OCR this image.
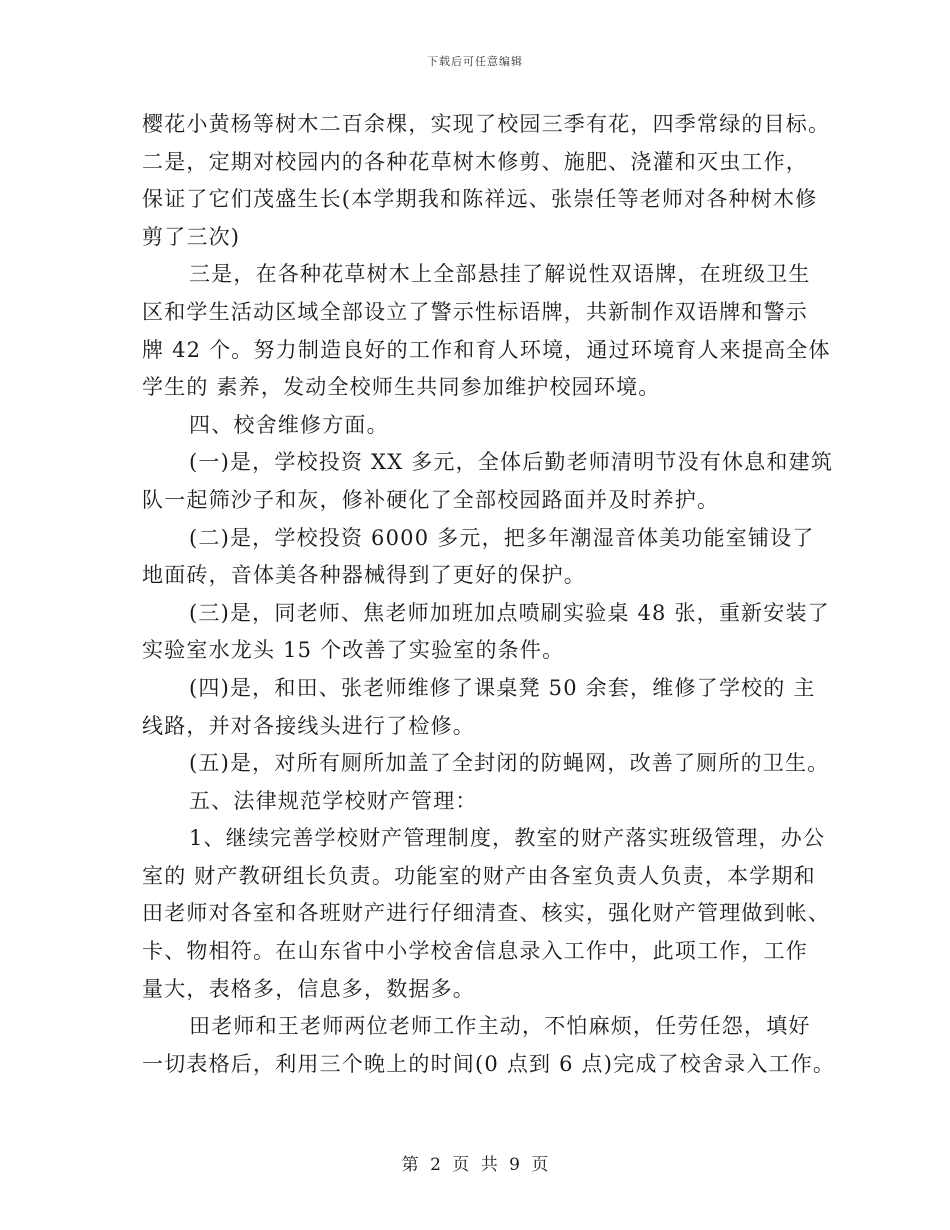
下载后可任意编辑

樱花小黄杨等树木二百余棵，实现了校园三季有花，四季常绿的目标。

二是，定期对校园内的各种花草树木修剪、施肥、浇灌和灭虫工作，

保证了它们茂盛生长(本学期我和陈祥远、张崇任等老师对各种树木修

剪了三次)

三是，在各种花草树木上全部悬挂了解说性双语牌，在班级卫生

区和学生活动区域全部设立了警示性标语牌，共新制作双语牌和警示

牌 42 个。努力制造良好的工作和育人环境，通过环境育人来提高全体

学生的 素养，发动全校师生共同参加维护校园环境。

四、校舍维修方面。

(一)是，学校投资 XX 多元，全体后勤老师清明节没有休息和建筑

队一起筛沙子和灰，修补硬化了全部校园路面并及时养护。

(二)是，学校投资 6000 多元，把多年潮湿音体美功能室铺设了

地面砖，音体美各种器械得到了更好的保护。

(三)是，同老师、焦老师加班加点喷刷实验桌 48 张，重新安装了

实验室水龙头 15 个改善了实验室的条件。

(四)是，和田、张老师维修了课桌凳 50 余套，维修了学校的 主

线路，并对各接线头进行了检修。

(五)是，对所有厕所加盖了全封闭的防蝇网，改善了厕所的卫生。

五、法律规范学校财产管理：

1、继续完善学校财产管理制度，教室的财产落实班级管理，办公

室的 财产教研组长负责。功能室的财产由各室负责人负责，本学期和

田老师对各室和各班财产进行仔细清查、核实，强化财产管理做到帐、

卡、物相符。在山东省中小学校舍信息录入工作中，此项工作，工作

量大，表格多，信息多，数据多。

田老师和王老师两位老师工作主动，不怕麻烦，任劳任怨，填好

一切表格后，利用三个晚上的时间(0 点到 6 点)完成了校舍录入工作。

第 2 页 共 9 页
